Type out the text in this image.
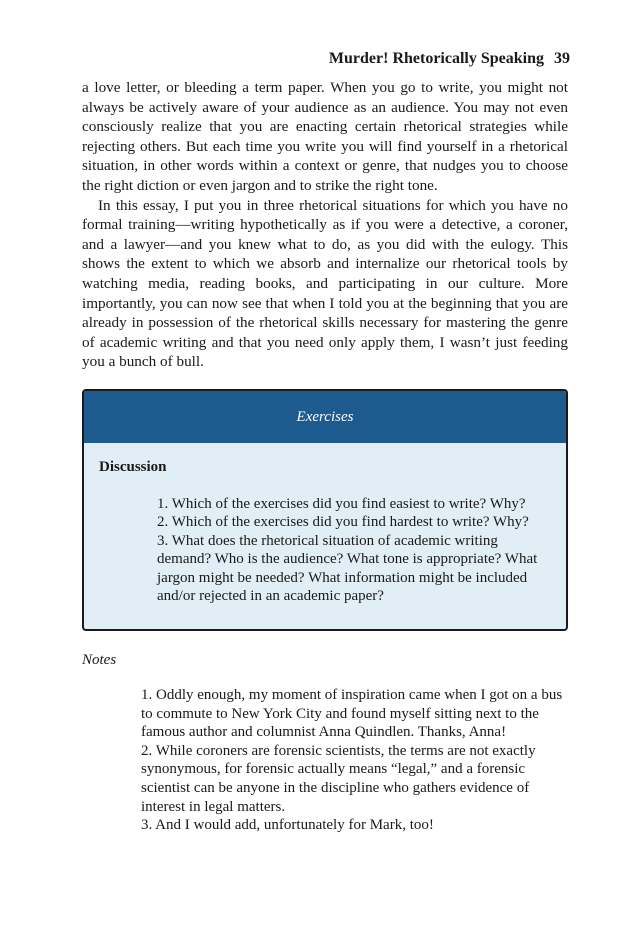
Murder! Rhetorically Speaking 39

a love letter, or bleeding a term paper. When you go to write, you might not always be actively aware of your audience as an audience. You may not even consciously realize that you are enacting certain rhetorical strategies while rejecting others. But each time you write you will find yourself in a rhetorical situation, in other words within a context or genre, that nudges you to choose the right diction or even jargon and to strike the right tone.

In this essay, I put you in three rhetorical situations for which you have no formal training—writing hypothetically as if you were a detective, a coroner, and a lawyer—and you knew what to do, as you did with the eulogy. This shows the extent to which we absorb and internalize our rhetorical tools by watching media, reading books, and participating in our culture. More importantly, you can now see that when I told you at the beginning that you are already in possession of the rhetorical skills necessary for mastering the genre of academic writing and that you need only apply them, I wasn’t just feeding you a bunch of bull.

Exercises
Discussion
1. Which of the exercises did you find easiest to write? Why?
2. Which of the exercises did you find hardest to write? Why?
3. What does the rhetorical situation of academic writing demand? Who is the audience? What tone is appropriate? What jargon might be needed? What information might be included and/or rejected in an academic paper?
Notes
1. Oddly enough, my moment of inspiration came when I got on a bus to commute to New York City and found myself sitting next to the famous author and columnist Anna Quindlen. Thanks, Anna!
2. While coroners are forensic scientists, the terms are not exactly synonymous, for forensic actually means “legal,” and a forensic scientist can be anyone in the discipline who gathers evidence of interest in legal matters.
3. And I would add, unfortunately for Mark, too!
